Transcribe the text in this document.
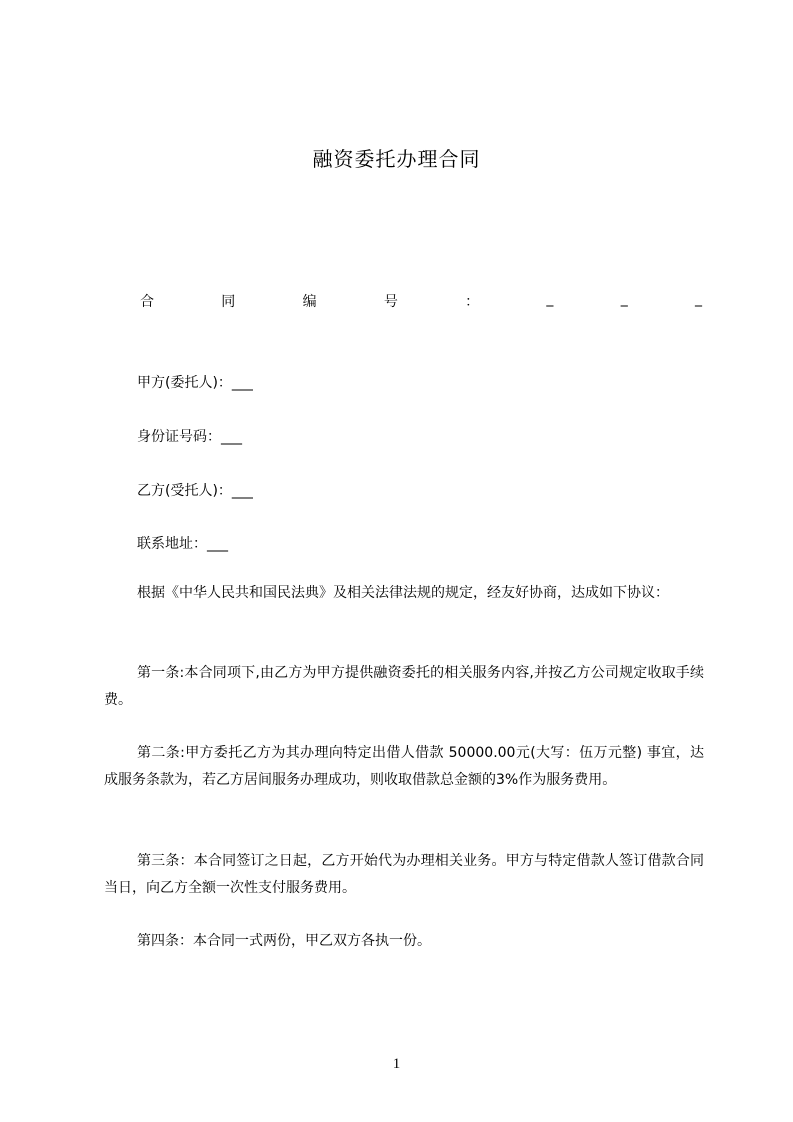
融资委托办理合同
合	同	编	号	：	_	_	_
甲方(委托人)：___
身份证号码：___
乙方(受托人)：___
联系地址：___
根据《中华人民共和国民法典》及相关法律法规的规定，经友好协商，达成如下协议：
第一条:本合同项下,由乙方为甲方提供融资委托的相关服务内容,并按乙方公司规定收取手续费。
第二条:甲方委托乙方为其办理向特定出借人借款 50000.00元(大写：伍万元整) 事宜，达成服务条款为，若乙方居间服务办理成功，则收取借款总金额的3%作为服务费用。
第三条：本合同签订之日起，乙方开始代为办理相关业务。甲方与特定借款人签订借款合同当日，向乙方全额一次性支付服务费用。
第四条：本合同一式两份，甲乙双方各执一份。
1
